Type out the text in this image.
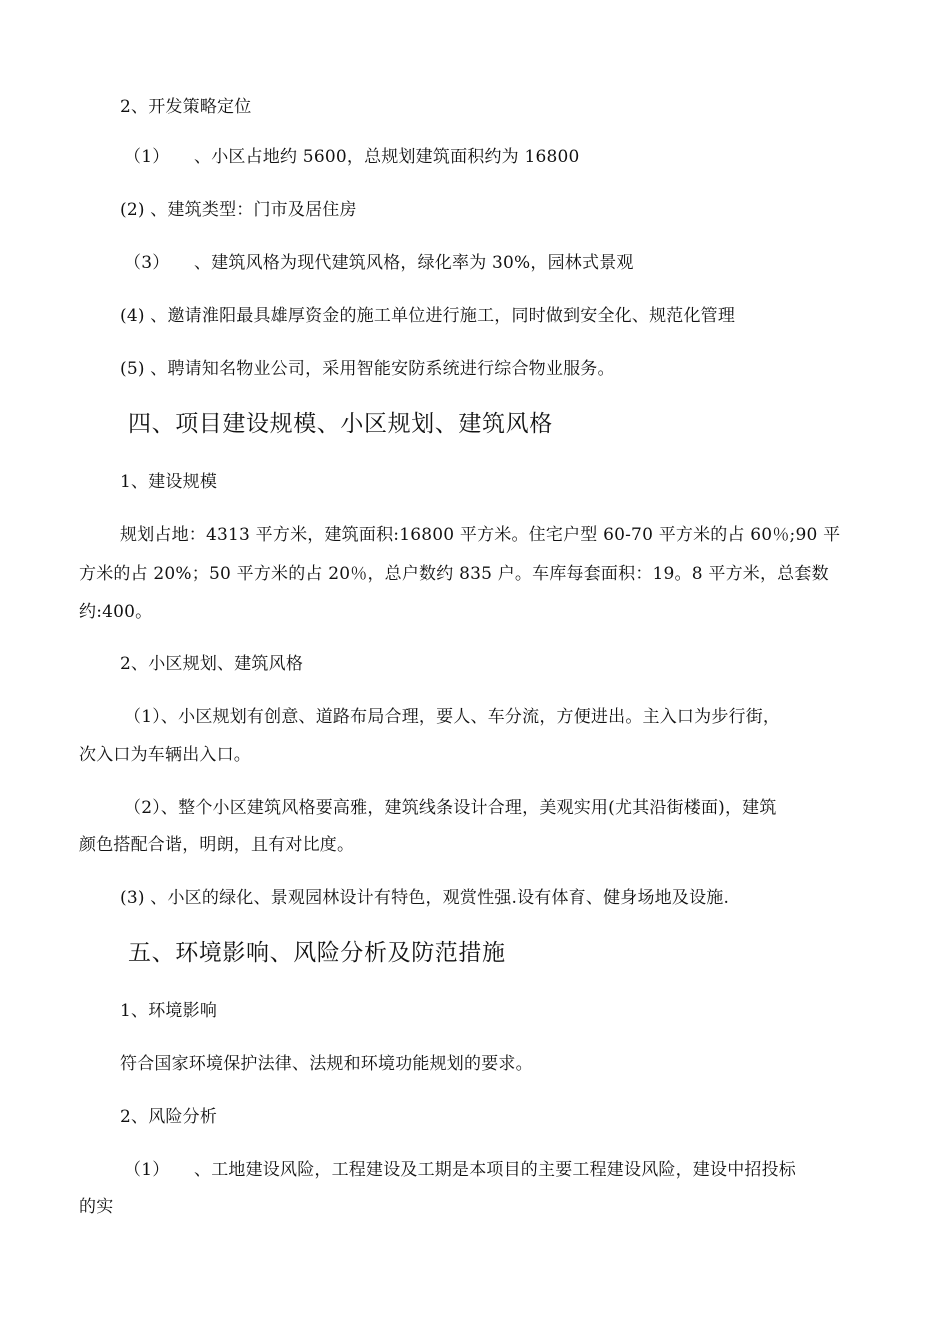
2、开发策略定位
（1） 、小区占地约 5600，总规划建筑面积约为 16800
(2) 、建筑类型：门市及居住房
（3） 、建筑风格为现代建筑风格，绿化率为 30%，园林式景观
(4) 、邀请淮阳最具雄厚资金的施工单位进行施工，同时做到安全化、规范化管理
(5) 、聘请知名物业公司，采用智能安防系统进行综合物业服务。
四、项目建设规模、小区规划、建筑风格
1、建设规模
规划占地：4313 平方米，建筑面积:16800 平方米。住宅户型 60-70 平方米的占 60％;90 平
方米的占 20%；50 平方米的占 20％，总户数约 835 户。车库每套面积：19。8 平方米，总套数
约:400。
2、小区规划、建筑风格
（1）、小区规划有创意、道路布局合理，要人、车分流，方便进出。主入口为步行街，
次入口为车辆出入口。
（2）、整个小区建筑风格要高雅，建筑线条设计合理，美观实用(尤其沿街楼面)，建筑
颜色搭配合谐，明朗，且有对比度。
(3) 、小区的绿化、景观园林设计有特色，观赏性强.设有体育、健身场地及设施.
五、环境影响、风险分析及防范措施
1、环境影响
符合国家环境保护法律、法规和环境功能规划的要求。
2、风险分析
（1） 、工地建设风险，工程建设及工期是本项目的主要工程建设风险，建设中招投标
的实
